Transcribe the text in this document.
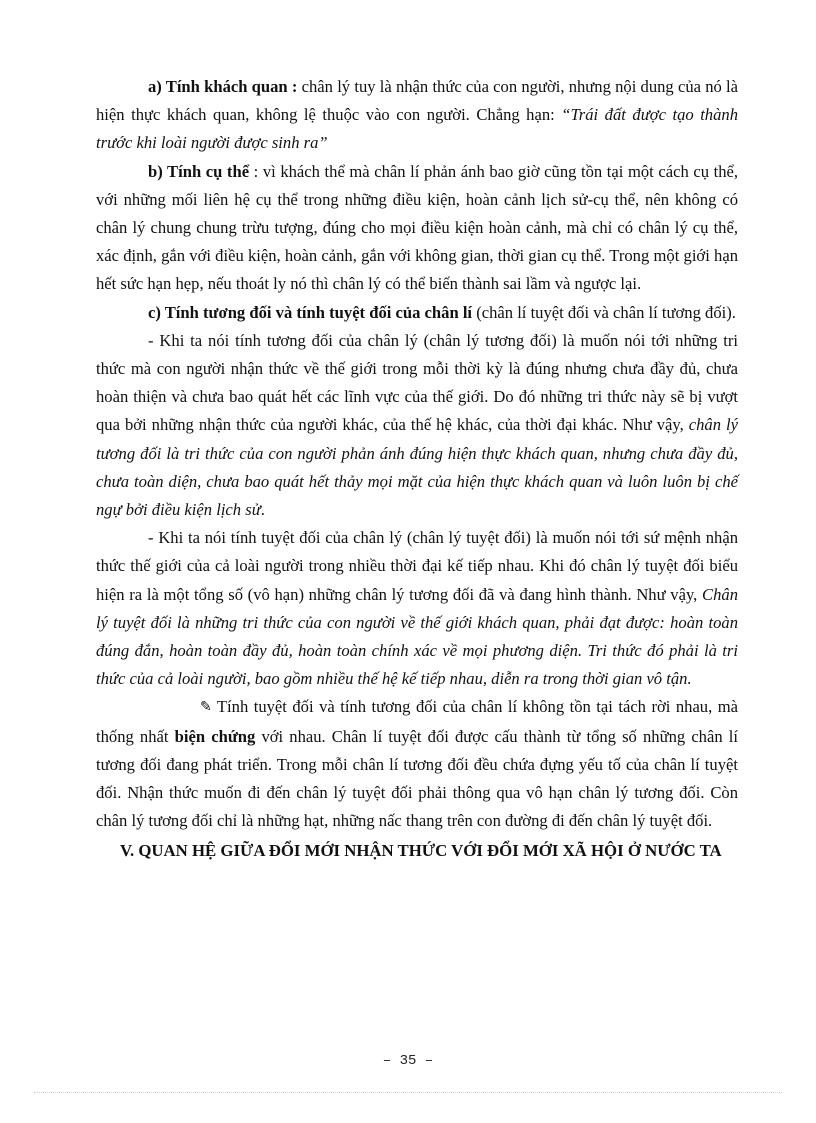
a) Tính khách quan : chân lý tuy là nhận thức của con người, nhưng nội dung của nó là hiện thực khách quan, không lệ thuộc vào con người. Chẳng hạn: “Trái đất được tạo thành trước khi loài người được sinh ra”

b) Tính cụ thể : vì khách thể mà chân lí phản ánh bao giờ cũng tồn tại một cách cụ thể, với những mối liên hệ cụ thể trong những điều kiện, hoàn cảnh lịch sử-cụ thể, nên không có chân lý chung chung trừu tượng, đúng cho mọi điều kiện hoàn cảnh, mà chỉ có chân lý cụ thể, xác định, gắn với điều kiện, hoàn cảnh, gắn với không gian, thời gian cụ thể. Trong một giới hạn hết sức hạn hẹp, nếu thoát ly nó thì chân lý có thể biến thành sai lầm và ngược lại.

c) Tính tương đối và tính tuyệt đối của chân lí (chân lí tuyệt đối và chân lí tương đối).

- Khi ta nói tính tương đối của chân lý (chân lý tương đối) là muốn nói tới những tri thức mà con người nhận thức về thế giới trong mỗi thời kỳ là đúng nhưng chưa đầy đủ, chưa hoàn thiện và chưa bao quát hết các lĩnh vực của thế giới. Do đó những tri thức này sẽ bị vượt qua bởi những nhận thức của người khác, của thế hệ khác, của thời đại khác. Như vậy, chân lý tương đối là tri thức của con người phản ánh đúng hiện thực khách quan, nhưng chưa đầy đủ, chưa toàn diện, chưa bao quát hết thảy mọi mặt của hiện thực khách quan và luôn luôn bị chế ngự bởi điều kiện lịch sử.

- Khi ta nói tính tuyệt đối của chân lý (chân lý tuyệt đối) là muốn nói tới sứ mệnh nhận thức thế giới của cả loài người trong nhiều thời đại kế tiếp nhau. Khi đó chân lý tuyệt đối biểu hiện ra là một tổng số (vô hạn) những chân lý tương đối đã và đang hình thành. Như vậy, Chân lý tuyệt đối là những tri thức của con người về thế giới khách quan, phải đạt được: hoàn toàn đúng đắn, hoàn toàn đầy đủ, hoàn toàn chính xác về mọi phương diện. Tri thức đó phải là tri thức của cả loài người, bao gồm nhiều thế hệ kế tiếp nhau, diễn ra trong thời gian vô tận.

✎ Tính tuyệt đối và tính tương đối của chân lí không tồn tại tách rời nhau, mà thống nhất biện chứng với nhau. Chân lí tuyệt đối được cấu thành từ tổng số những chân lí tương đối đang phát triển. Trong mỗi chân lí tương đối đều chứa đựng yếu tố của chân lí tuyệt đối. Nhận thức muốn đi đến chân lý tuyệt đối phải thông qua vô hạn chân lý tương đối. Còn chân lý tương đối chỉ là những hạt, những nấc thang trên con đường đi đến chân lý tuyệt đối.

V. QUAN HỆ GIỮA ĐỔI MỚI NHẬN THỨC VỚI ĐỔI MỚI XÃ HỘI Ở NƯỚC TA
– 35 –
